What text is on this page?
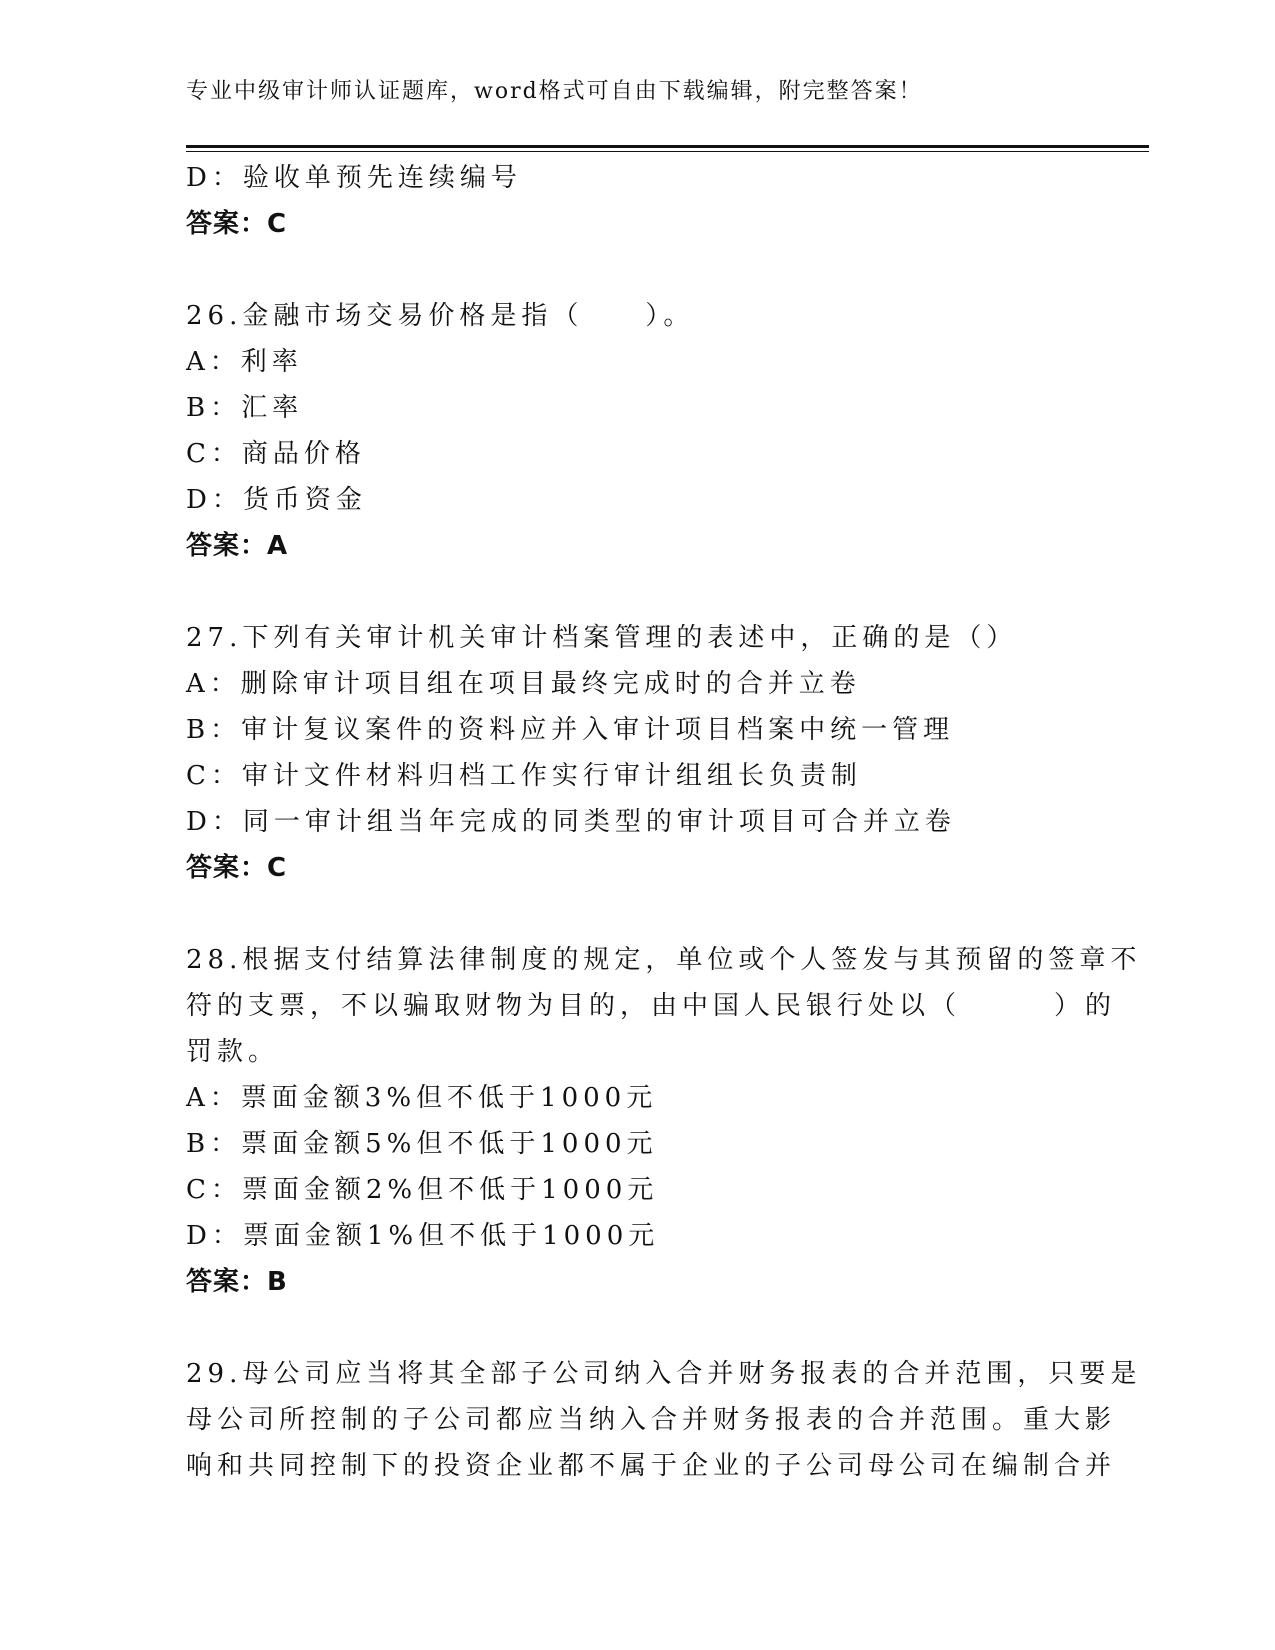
专业中级审计师认证题库，word格式可自由下载编辑，附完整答案！
D：验收单预先连续编号
答案：C
26.金融市场交易价格是指（　　）。
A：利率
B：汇率
C：商品价格
D：货币资金
答案：A
27.下列有关审计机关审计档案管理的表述中，正确的是（）
A：删除审计项目组在项目最终完成时的合并立卷
B：审计复议案件的资料应并入审计项目档案中统一管理
C：审计文件材料归档工作实行审计组组长负责制
D：同一审计组当年完成的同类型的审计项目可合并立卷
答案：C
28.根据支付结算法律制度的规定，单位或个人签发与其预留的签章不
符的支票，不以骗取财物为目的，由中国人民银行处以（　　　）的
罚款。
A：票面金额3%但不低于1000元
B：票面金额5%但不低于1000元
C：票面金额2%但不低于1000元
D：票面金额1%但不低于1000元
答案：B
29.母公司应当将其全部子公司纳入合并财务报表的合并范围，只要是
母公司所控制的子公司都应当纳入合并财务报表的合并范围。重大影
响和共同控制下的投资企业都不属于企业的子公司母公司在编制合并
